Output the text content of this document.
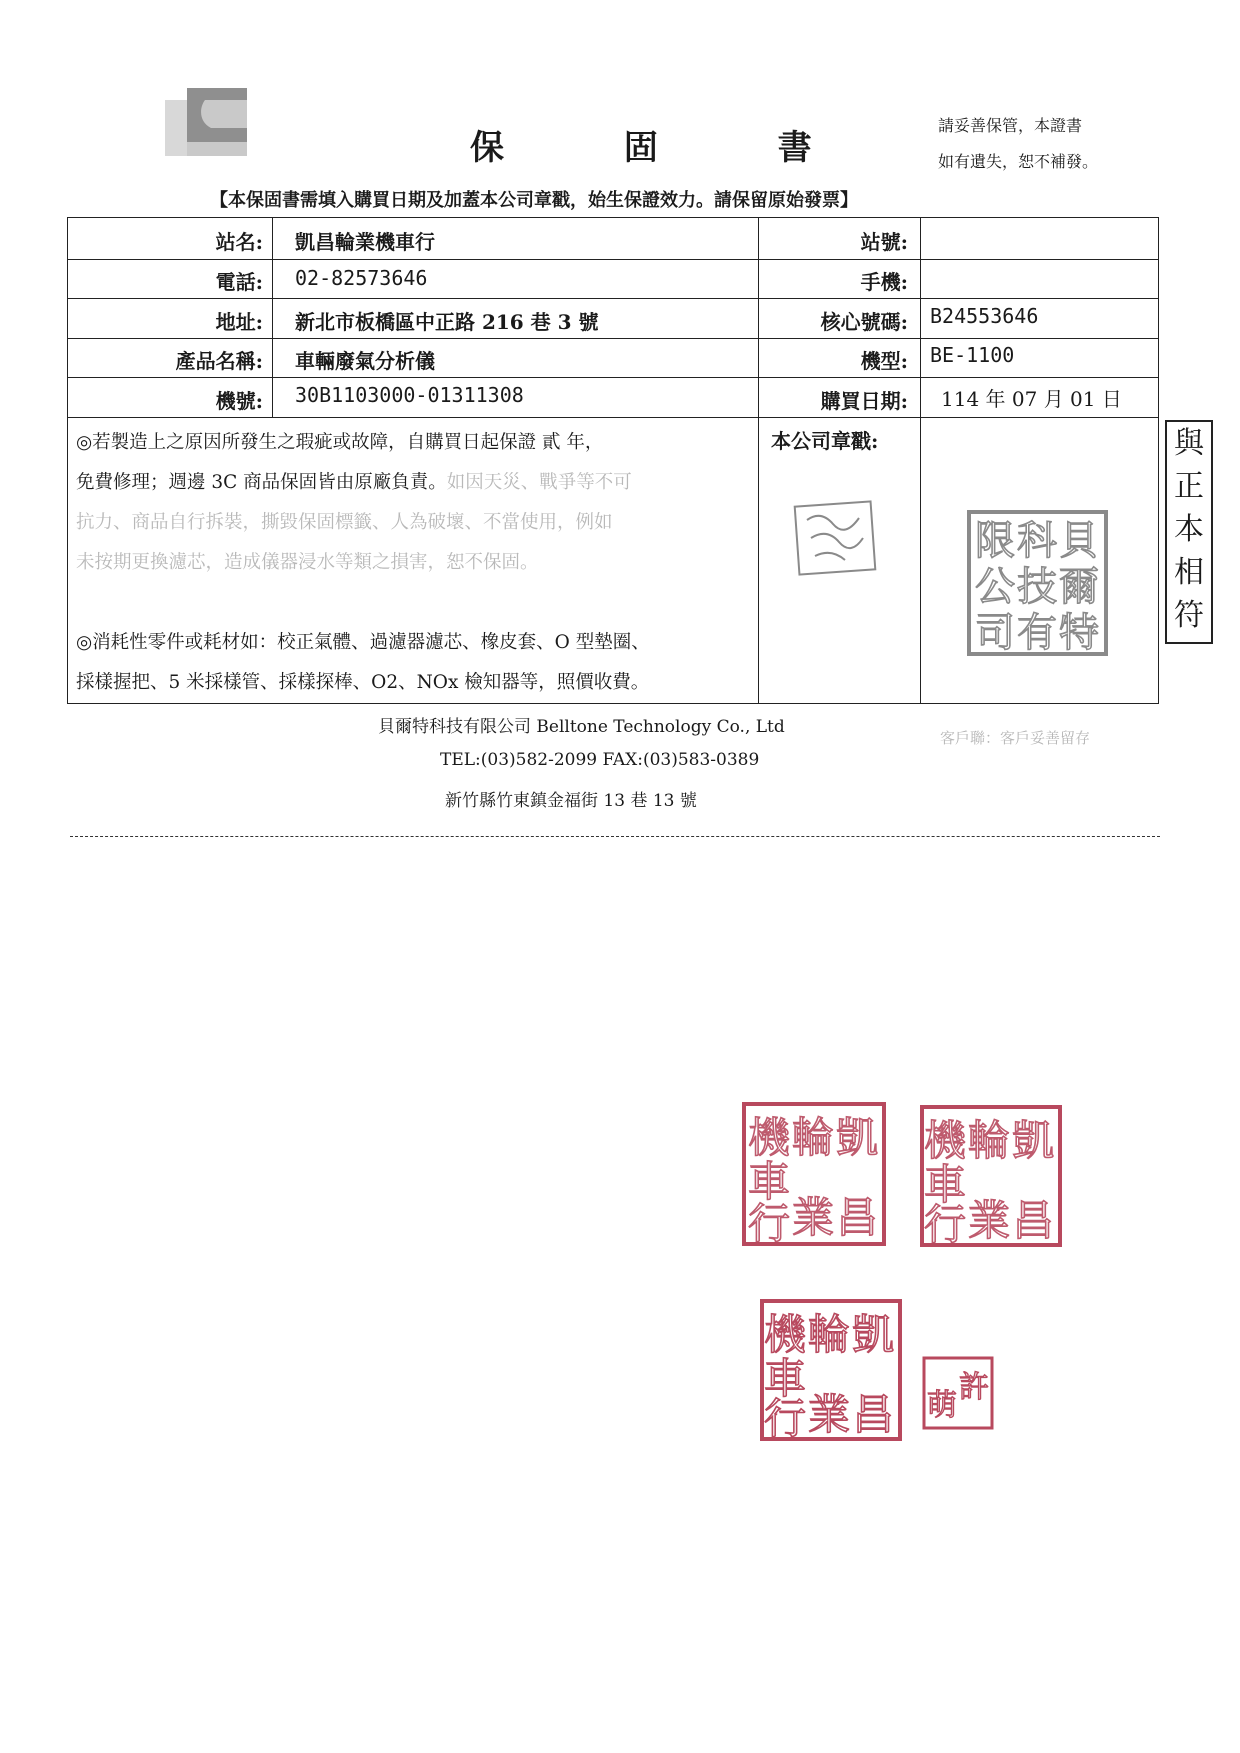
保 固 書
請妥善保管，本證書
如有遺失，恕不補發。
【本保固書需填入購買日期及加蓋本公司章戳，始生保證效力。請保留原始發票】
站名: 凱昌輪業機車行	站號:
電話: 02-82573646	手機:
地址: 新北市板橋區中正路 216 巷 3 號	核心號碼: B24553646
產品名稱: 車輛廢氣分析儀	機型: BE-1100
機號: 30B1103000-01311308	購買日期: 114 年 07 月 01 日
◎若製造上之原因所發生之瑕疵或故障，自購買日起保證 貳 年，
免費修理；週邊 3C 商品保固皆由原廠負責。如因天災、戰爭等不可
抗力、商品自行拆裝，撕毀保固標籤、人為破壞、不當使用，例如
未按期更換濾芯，造成儀器浸水等類之損害，恕不保固。
◎消耗性零件或耗材如：校正氣體、過濾器濾芯、橡皮套、O 型墊圈、
採樣握把、5 米採樣管、採樣探棒、O2、NOx 檢知器等，照價收費。
本公司章戳:
貝
爾
特
科
技
有
限
公
司
與
正
本
相
符
貝爾特科技有限公司 Belltone Technology Co., Ltd
TEL:(03)582-2099 FAX:(03)583-0389
新竹縣竹東鎮金福街 13 巷 13 號
客戶聯：客戶妥善留存
凱
昌
輪
業
機
車
行
凱
昌
輪
業
機
車
行
凱
昌
輪
業
機
車
行
許
萌
